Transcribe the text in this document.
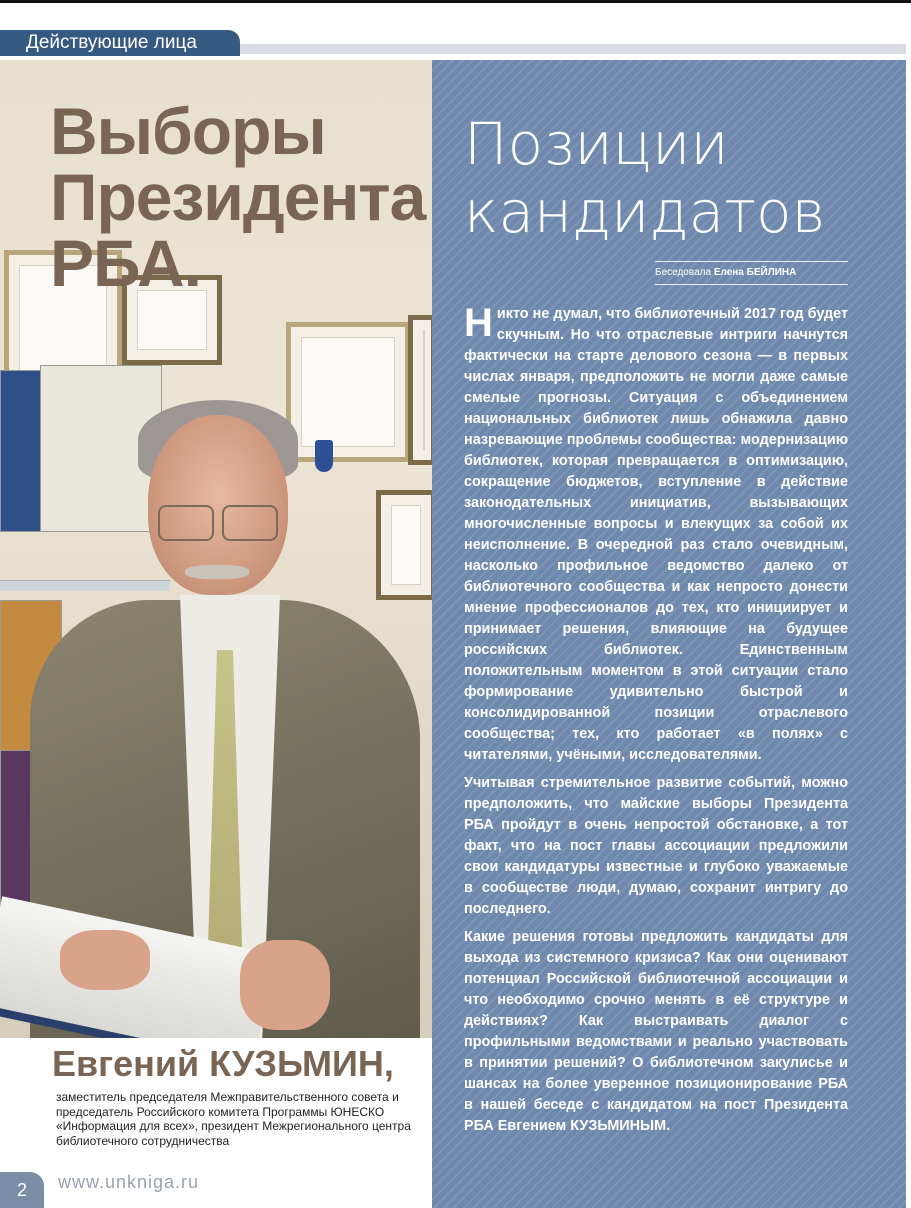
Действующие лица
Выборы
Президента
РБА.
Позиции
кандидатов
Беседовала Елена БЕЙЛИНА

Никто не думал, что библиотечный 2017 год будет скучным. Но что отраслевые интриги начнутся фактически на старте делового сезона — в первых числах января, предположить не могли даже самые смелые прогнозы. Ситуация с объединением национальных библиотек лишь обнажила давно назревающие проблемы сообщества: модернизацию библиотек, которая превращается в оптимизацию, сокращение бюджетов, вступление в действие законодательных инициатив, вызывающих многочисленные вопросы и влекущих за собой их неисполнение. В очередной раз стало очевидным, насколько профильное ведомство далеко от библиотечного сообщества и как непросто донести мнение профессионалов до тех, кто инициирует и принимает решения, влияющие на будущее российских библиотек. Единственным положительным моментом в этой ситуации стало формирование удивительно быстрой и консолидированной позиции отраслевого сообщества; тех, кто работает «в полях» с читателями, учёными, исследователями.

Учитывая стремительное развитие событий, можно предположить, что майские выборы Президента РБА пройдут в очень непростой обстановке, а тот факт, что на пост главы ассоциации предложили свои кандидатуры известные и глубоко уважаемые в сообществе люди, думаю, сохранит интригу до последнего.

Какие решения готовы предложить кандидаты для выхода из системного кризиса? Как они оценивают потенциал Российской библиотечной ассоциации и что необходимо срочно менять в её структуре и действиях? Как выстраивать диалог с профильными ведомствами и реально участвовать в принятии решений? О библиотечном закулисье и шансах на более уверенное позиционирование РБА в нашей беседе с кандидатом на пост Президента РБА Евгением КУЗЬМИНЫМ.

Евгений КУЗЬМИН,
заместитель председателя Межправительственного совета и председатель Российского комитета Программы ЮНЕСКО «Информация для всех», президент Межрегионального центра библиотечного сотрудничества
2	www.unkniga.ru
